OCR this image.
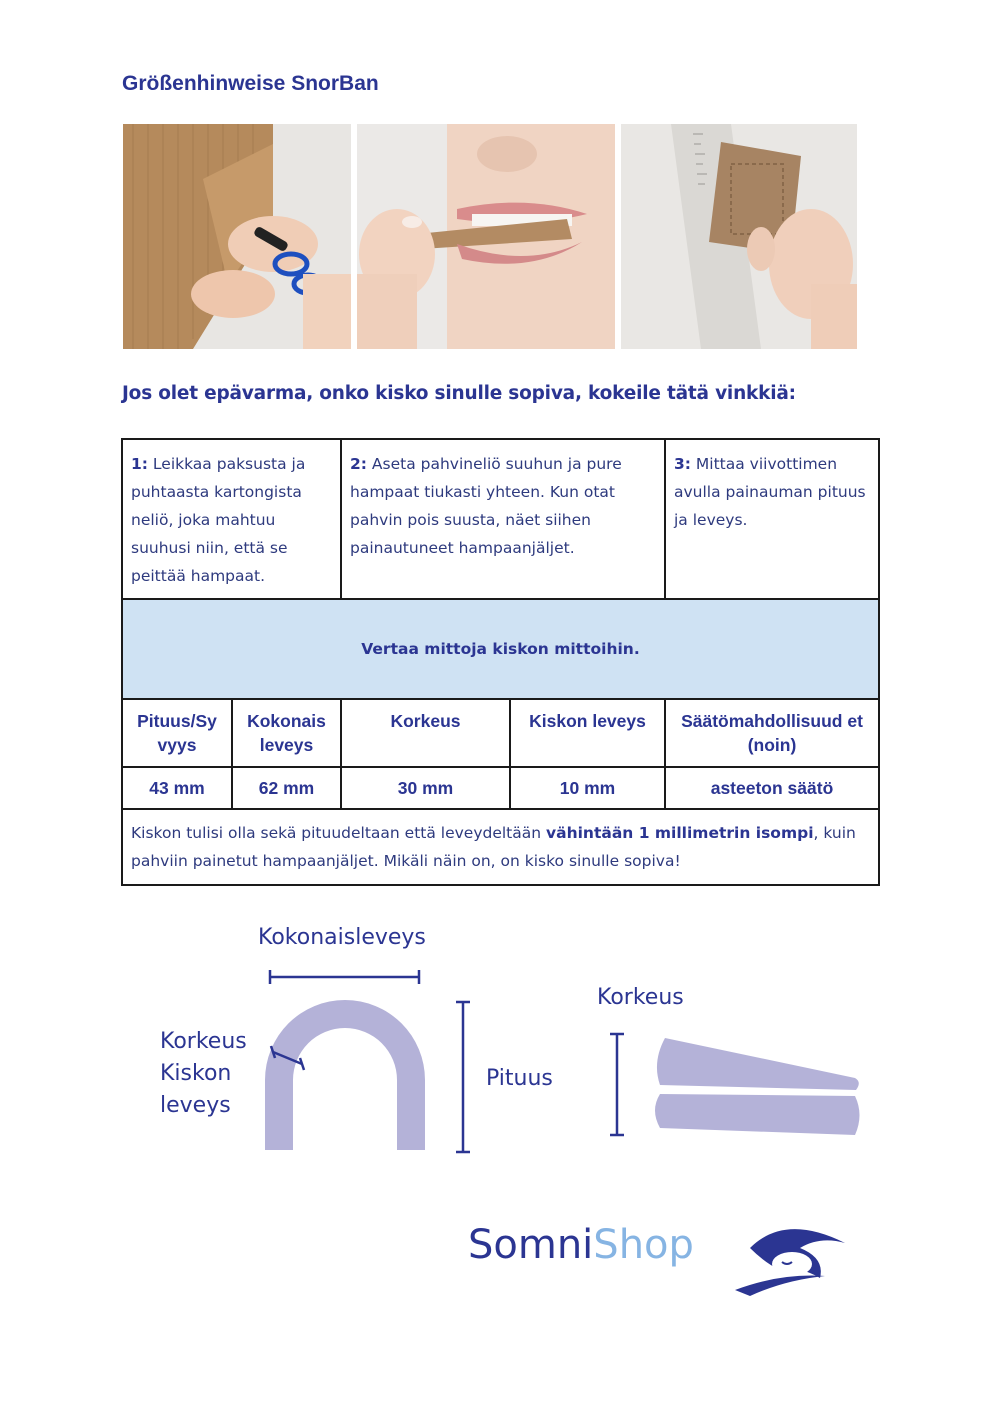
Größenhinweise SnorBan
Jos olet epävarma, onko kisko sinulle sopiva, kokeile tätä vinkkiä:
1: Leikkaa paksusta ja puhtaasta kartongista neliö, joka mahtuu suuhusi niin, että se peittää hampaat.		2: Aseta pahvineliö suuhun ja pure hampaat tiukasti yhteen. Kun otat pahvin pois suusta, näet siihen painautuneet hampaanjäljet.		3: Mittaa viivottimen avulla painauman pituus ja leveys.
Vertaa mittoja kiskon mittoihin.				
Pituus/Sy vyys	Kokonais leveys	Korkeus	Kiskon leveys	Säätömahdollisuud et (noin)
43 mm	62 mm	30 mm	10 mm	asteeton säätö
Kiskon tulisi olla sekä pituudeltaan että leveydeltään vähintään 1 millimetrin isompi, kuin pahviin painetut hampaanjäljet. Mikäli näin on, on kisko sinulle sopiva!				
Kokonaisleveys
Korkeus
Kiskon
leveys
Pituus
Korkeus
SomniShop
